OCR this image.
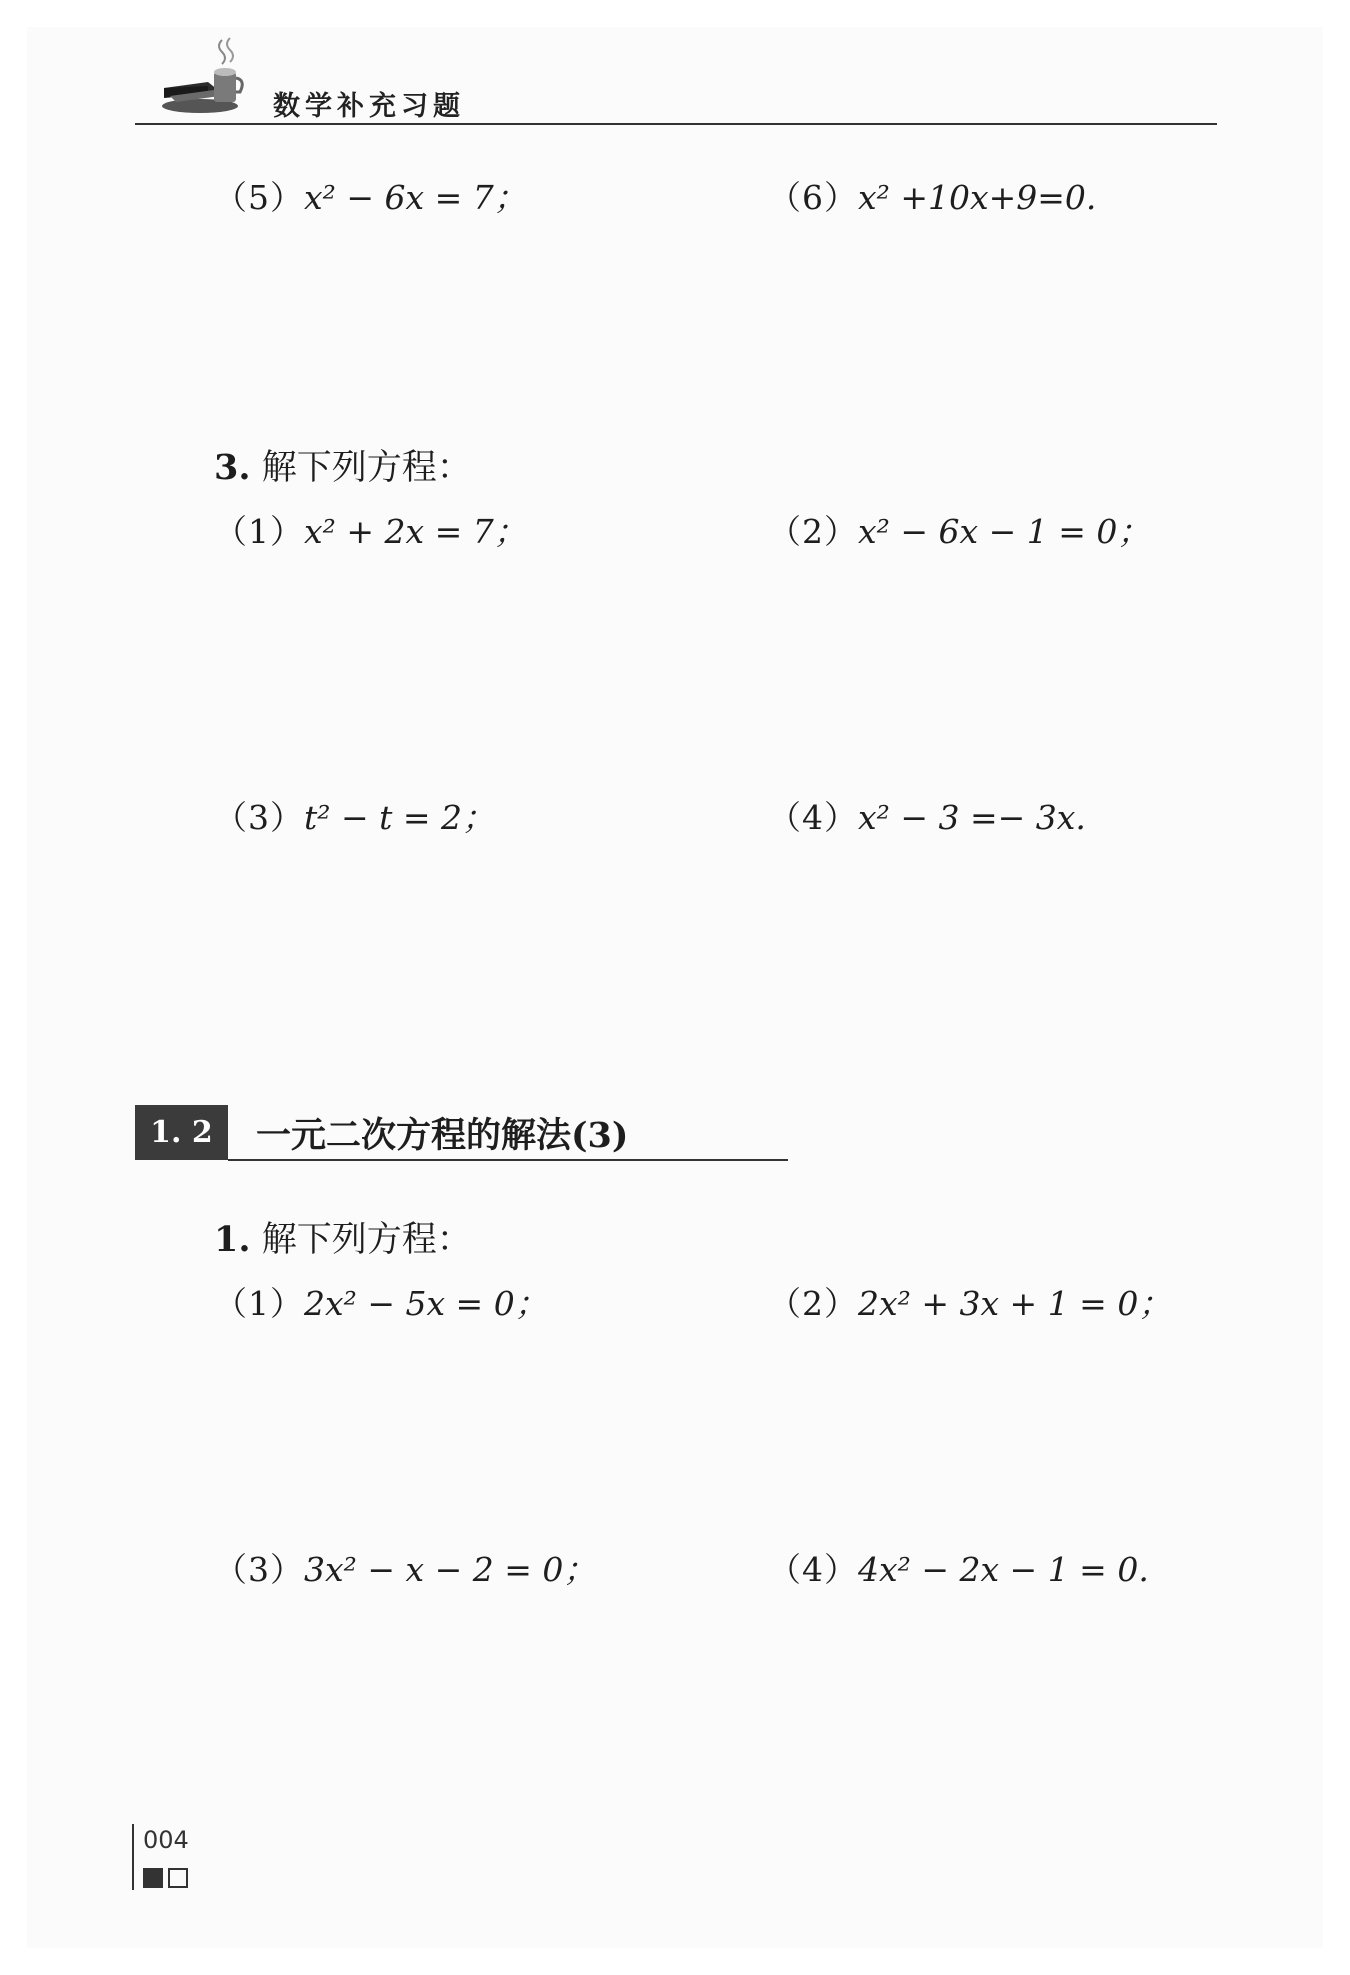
数学补充习题
（5）x² − 6x = 7；	（6）x² +10x+9=0.
3. 解下列方程：
（1）x² + 2x = 7；	（2）x² − 6x − 1 = 0；
（3）t² − t = 2；	（4）x² − 3 =− 3x.
1. 2	一元二次方程的解法(3)
1. 解下列方程：
（1）2x² − 5x = 0；	（2）2x² + 3x + 1 = 0；
（3）3x² − x − 2 = 0；	（4）4x² − 2x − 1 = 0.
004
